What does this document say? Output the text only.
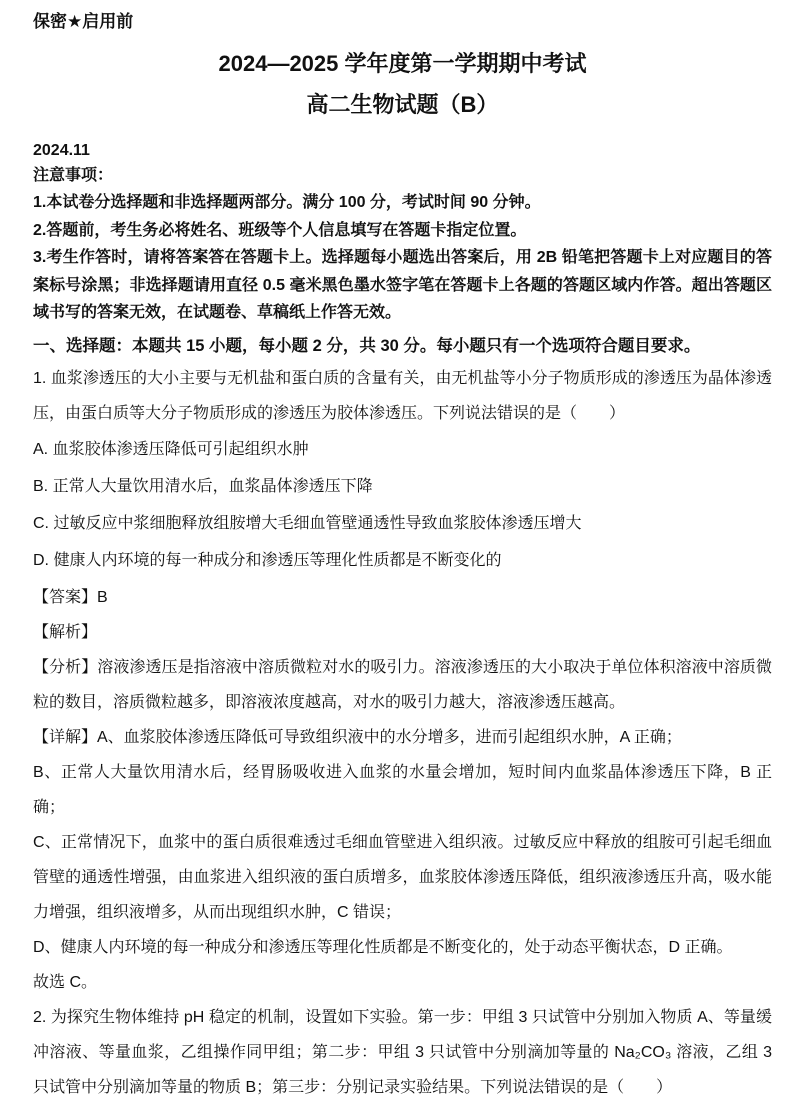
保密★启用前
2024—2025 学年度第一学期期中考试
高二生物试题（B）
2024.11
注意事项：

1.本试卷分选择题和非选择题两部分。满分 100 分，考试时间 90 分钟。

2.答题前，考生务必将姓名、班级等个人信息填写在答题卡指定位置。

3.考生作答时，请将答案答在答题卡上。选择题每小题选出答案后，用 2B 铅笔把答题卡上对应题目的答案标号涂黑；非选择题请用直径 0.5 毫米黑色墨水签字笔在答题卡上各题的答题区域内作答。超出答题区域书写的答案无效，在试题卷、草稿纸上作答无效。

一、选择题：本题共 15 小题，每小题 2 分，共 30 分。每小题只有一个选项符合题目要求。

1. 血浆渗透压的大小主要与无机盐和蛋白质的含量有关，由无机盐等小分子物质形成的渗透压为晶体渗透压，由蛋白质等大分子物质形成的渗透压为胶体渗透压。下列说法错误的是（　　）

A. 血浆胶体渗透压降低可引起组织水肿

B. 正常人大量饮用清水后，血浆晶体渗透压下降

C. 过敏反应中浆细胞释放组胺增大毛细血管壁通透性导致血浆胶体渗透压增大

D. 健康人内环境的每一种成分和渗透压等理化性质都是不断变化的

【答案】B

【解析】

【分析】溶液渗透压是指溶液中溶质微粒对水的吸引力。溶液渗透压的大小取决于单位体积溶液中溶质微粒的数目，溶质微粒越多，即溶液浓度越高，对水的吸引力越大，溶液渗透压越高。

【详解】A、血浆胶体渗透压降低可导致组织液中的水分增多，进而引起组织水肿，A 正确；

B、正常人大量饮用清水后，经胃肠吸收进入血浆的水量会增加，短时间内血浆晶体渗透压下降，B 正确；

C、正常情况下，血浆中的蛋白质很难透过毛细血管壁进入组织液。过敏反应中释放的组胺可引起毛细血管壁的通透性增强，由血浆进入组织液的蛋白质增多，血浆胶体渗透压降低，组织液渗透压升高，吸水能力增强，组织液增多，从而出现组织水肿，C 错误；

D、健康人内环境的每一种成分和渗透压等理化性质都是不断变化的，处于动态平衡状态，D 正确。

故选 C。

2. 为探究生物体维持 pH 稳定的机制，设置如下实验。第一步：甲组 3 只试管中分别加入物质 A、等量缓冲溶液、等量血浆，乙组操作同甲组；第二步：甲组 3 只试管中分别滴加等量的 Na₂CO₃ 溶液，乙组 3 只试管中分别滴加等量的物质 B；第三步：分别记录实验结果。下列说法错误的是（　　）
